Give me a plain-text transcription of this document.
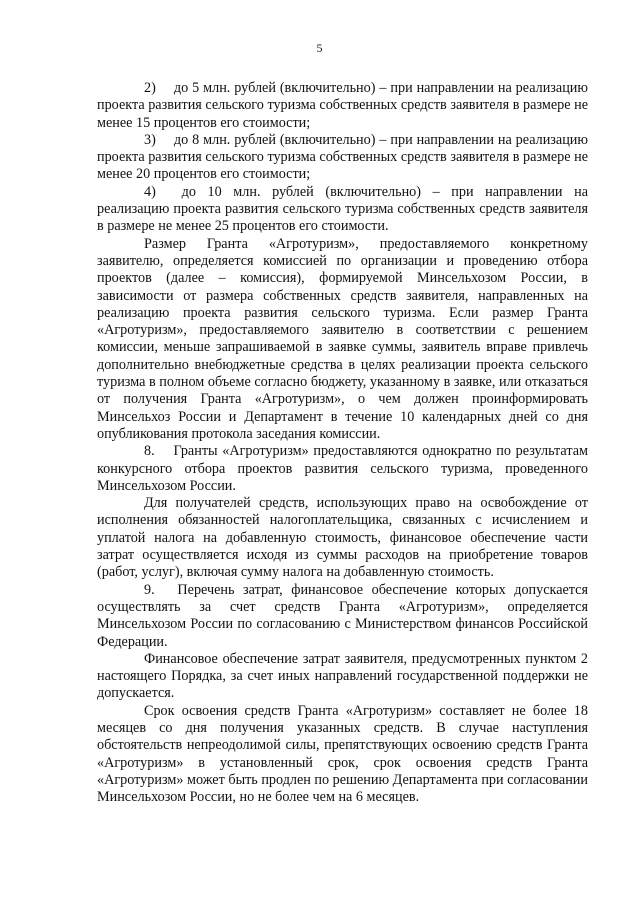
5

2)  до 5 млн. рублей (включительно) – при направлении на реализацию проекта развития сельского туризма собственных средств заявителя в размере не менее 15 процентов его стоимости;

3)  до 8 млн. рублей (включительно) – при направлении на реализацию проекта развития сельского туризма собственных средств заявителя в размере не менее 20 процентов его стоимости;

4)  до 10 млн. рублей (включительно) – при направлении на реализацию проекта развития сельского туризма собственных средств заявителя в размере не менее 25 процентов его стоимости.

Размер Гранта «Агротуризм», предоставляемого конкретному заявителю, определяется комиссией по организации и проведению отбора проектов (далее – комиссия), формируемой Минсельхозом России, в зависимости от размера собственных средств заявителя, направленных на реализацию проекта развития сельского туризма. Если размер Гранта «Агротуризм», предоставляемого заявителю в соответствии с решением комиссии, меньше запрашиваемой в заявке суммы, заявитель вправе привлечь дополнительно внебюджетные средства в целях реализации проекта сельского туризма в полном объеме согласно бюджету, указанному в заявке, или отказаться от получения Гранта «Агротуризм», о чем должен проинформировать Минсельхоз России и Департамент в течение 10 календарных дней со дня опубликования протокола заседания комиссии.

8.  Гранты «Агротуризм» предоставляются однократно по результатам конкурсного отбора проектов развития сельского туризма, проведенного Минсельхозом России.

Для получателей средств, использующих право на освобождение от исполнения обязанностей налогоплательщика, связанных с исчислением и уплатой налога на добавленную стоимость, финансовое обеспечение части затрат осуществляется исходя из суммы расходов на приобретение товаров (работ, услуг), включая сумму налога на добавленную стоимость.

9.  Перечень затрат, финансовое обеспечение которых допускается осуществлять за счет средств Гранта «Агротуризм», определяется Минсельхозом России по согласованию с Министерством финансов Российской Федерации.

Финансовое обеспечение затрат заявителя, предусмотренных пунктом 2 настоящего Порядка, за счет иных направлений государственной поддержки не допускается.

Срок освоения средств Гранта «Агротуризм» составляет не более 18 месяцев со дня получения указанных средств. В случае наступления обстоятельств непреодолимой силы, препятствующих освоению средств Гранта «Агротуризм» в установленный срок, срок освоения средств Гранта «Агротуризм» может быть продлен по решению Департамента при согласовании Минсельхозом России, но не более чем на 6 месяцев.
